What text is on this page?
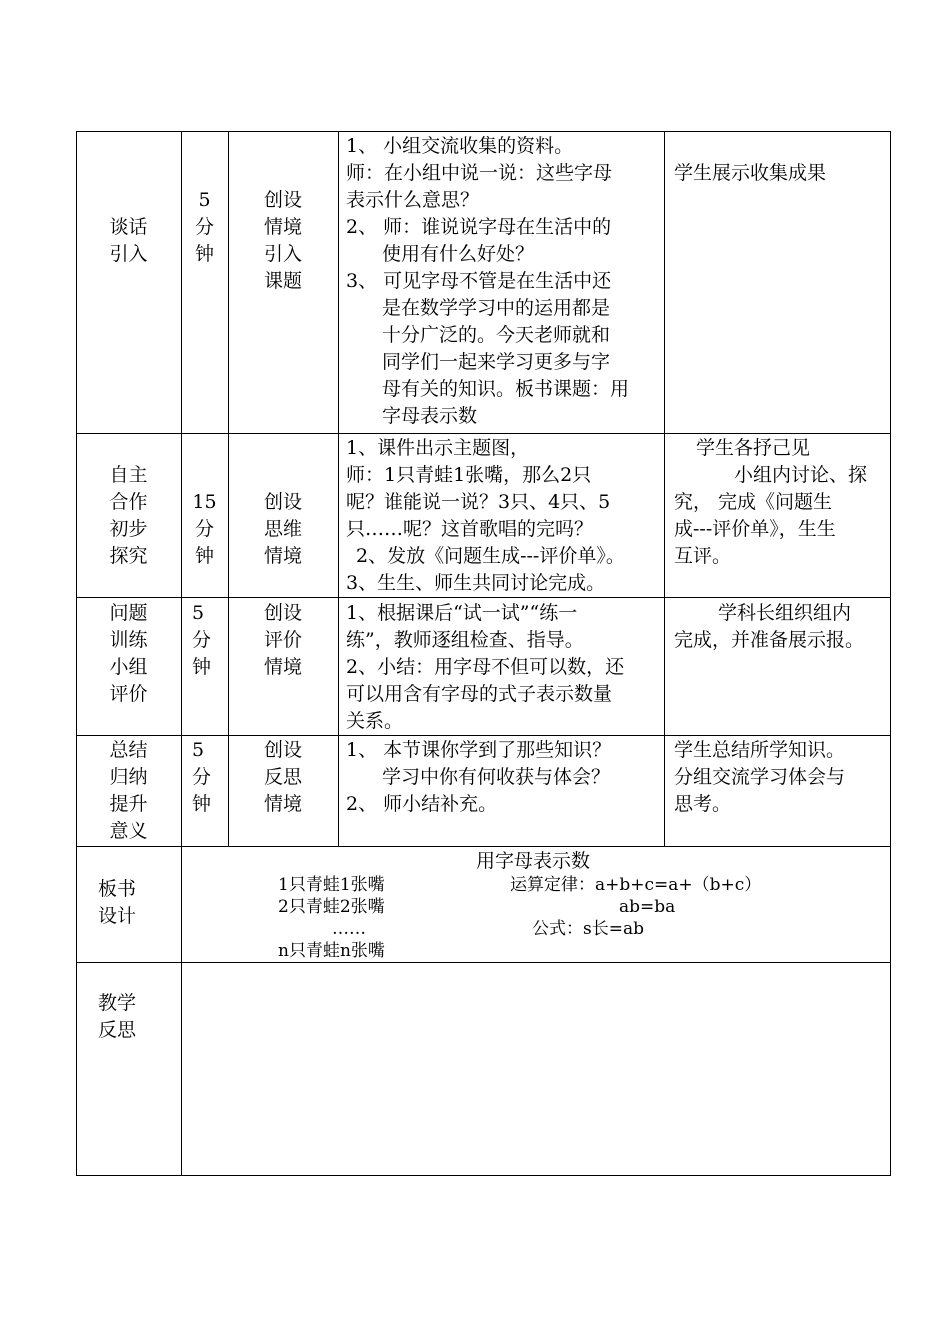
谈话
引入
5
分
钟
创设
情境
引入
课题
1、 小组交流收集的资料。
师：在小组中说一说：这些字母
表示什么意思？
2、 师：谁说说字母在生活中的
使用有什么好处？
3、 可见字母不管是在生活中还
是在数学学习中的运用都是
十分广泛的。今天老师就和
同学们一起来学习更多与字
母有关的知识。板书课题：用
字母表示数
学生展示收集成果
自主
合作
初步
探究
15
分
钟
创设
思维
情境
1、课件出示主题图，
师：1只青蛙1张嘴，那么2只
呢？谁能说一说？3只、4只、5
只……呢？这首歌唱的完吗？
2、发放《问题生成---评价单》。
3、生生、师生共同讨论完成。
学生各抒己见
小组内讨论、探
究， 完成《问题生
成---评价单》，生生
互评。
问题
训练
小组
评价
5
分
钟
创设
评价
情境
1、根据课后“试一试”“练一
练”，教师逐组检查、指导。
2、小结：用字母不但可以数，还
可以用含有字母的式子表示数量
关系。
学科长组织组内
完成，并准备展示报。
总结
归纳
提升
意义
5
分
钟
创设
反思
情境
1、 本节课你学到了那些知识？
学习中你有何收获与体会？
2、 师小结补充。
学生总结所学知识。
分组交流学习体会与
思考。
板书
设计
用字母表示数
1只青蛙1张嘴
2只青蛙2张嘴
……
n只青蛙n张嘴
运算定律：a+b+c=a+（b+c）
ab=ba
公式：s长=ab
教学
反思
